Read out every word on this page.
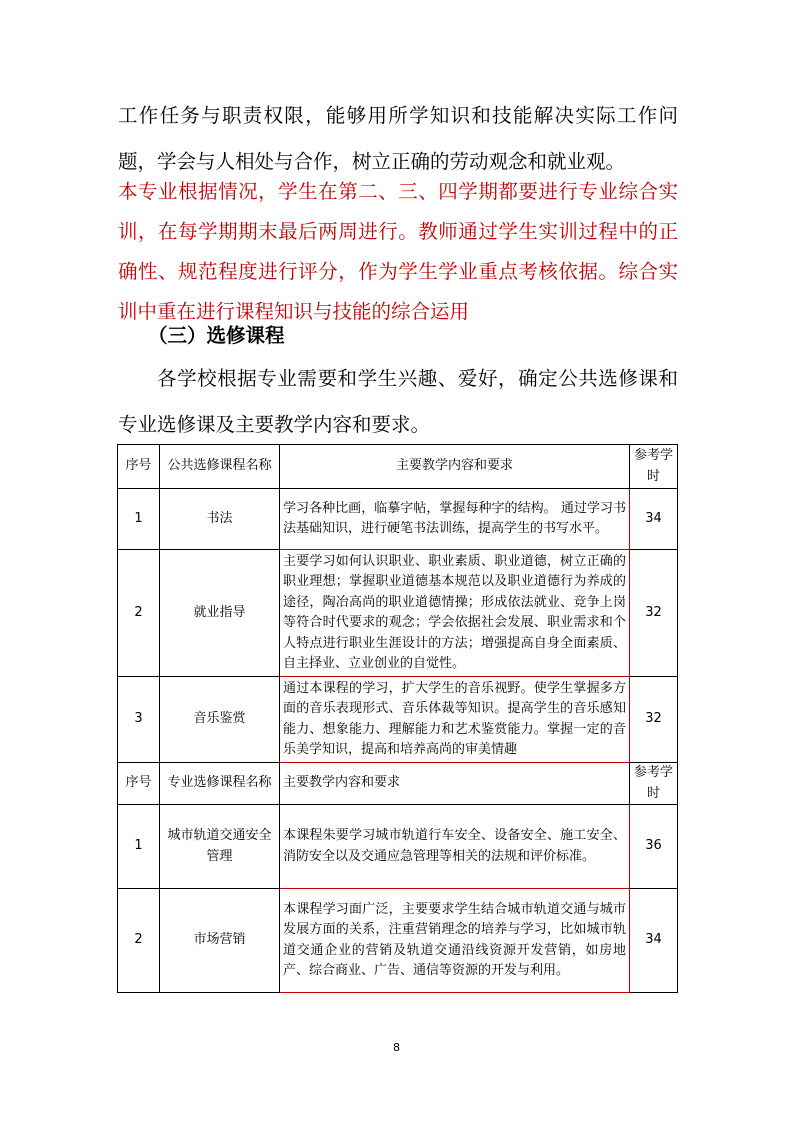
工作任务与职责权限，能够用所学知识和技能解决实际工作问题，学会与人相处与合作，树立正确的劳动观念和就业观。

本专业根据情况，学生在第二、三、四学期都要进行专业综合实训，在每学期期末最后两周进行。教师通过学生实训过程中的正确性、规范程度进行评分，作为学生学业重点考核依据。综合实训中重在进行课程知识与技能的综合运用

（三）选修课程

各学校根据专业需要和学生兴趣、爱好，确定公共选修课和专业选修课及主要教学内容和要求。

序号	公共选修课程名称	主要教学内容和要求	参考学时
1	书法	学习各种比画，临摹字帖，掌握每种字的结构。 通过学习书法基础知识，进行硬笔书法训练，提高学生的书写水平。	34
2	就业指导	主要学习如何认识职业、职业素质、职业道德，树立正确的职业理想；掌握职业道德基本规范以及职业道德行为养成的途径，陶冶高尚的职业道德情操；形成依法就业、竞争上岗等符合时代要求的观念；学会依据社会发展、职业需求和个人特点进行职业生涯设计的方法；增强提高自身全面素质、自主择业、立业创业的自觉性。	32
3	音乐鉴赏	通过本课程的学习，扩大学生的音乐视野。使学生掌握多方面的音乐表现形式、音乐体裁等知识。提高学生的音乐感知能力、想象能力、理解能力和艺术鉴赏能力。掌握一定的音乐美学知识，提高和培养高尚的审美情趣	32
序号	专业选修课程名称	主要教学内容和要求	参考学时
1	城市轨道交通安全管理	本课程朱要学习城市轨道行车安全、设备安全、施工安全、消防安全以及交通应急管理等相关的法规和评价标准。	36
2	市场营销	本课程学习面广泛，主要要求学生结合城市轨道交通与城市发展方面的关系，注重营销理念的培养与学习，比如城市轨道交通企业的营销及轨道交通沿线资源开发营销，如房地产、综合商业、广告、通信等资源的开发与利用。	34
8
